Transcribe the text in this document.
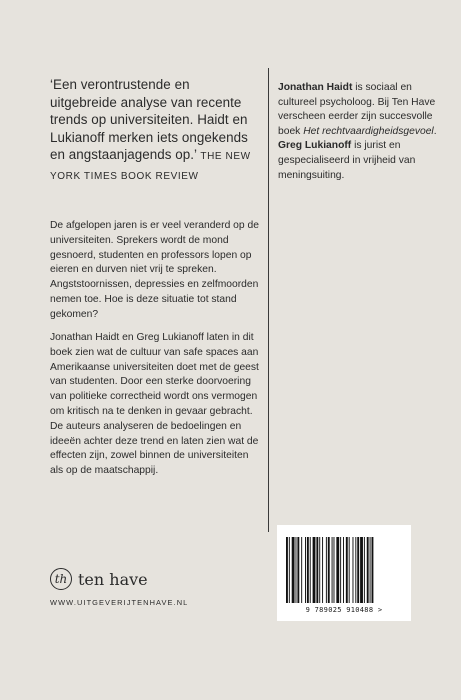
‘Een verontrustende en uitgebreide analyse van recente trends op universiteiten. Haidt en Lukianoff merken iets ongekends en angstaanjagends op.’ THE NEW YORK TIMES BOOK REVIEW
De afgelopen jaren is er veel veranderd op de universiteiten. Sprekers wordt de mond gesnoerd, studenten en professors lopen op eieren en durven niet vrij te spreken. Angststoornissen, depressies en zelfmoorden nemen toe. Hoe is deze situatie tot stand gekomen?
Jonathan Haidt en Greg Lukianoff laten in dit boek zien wat de cultuur van safe spaces aan Amerikaanse universiteiten doet met de geest van studenten. Door een sterke doorvoering van politieke correctheid wordt ons vermogen om kritisch na te denken in gevaar gebracht. De auteurs analyseren de bedoelingen en ideeën achter deze trend en laten zien wat de effecten zijn, zowel binnen de universiteiten als op de maatschappij.
Jonathan Haidt is sociaal en cultureel psycholoog. Bij Ten Have verscheen eerder zijn succesvolle boek Het rechtvaardigheidsgevoel.
Greg Lukianoff is jurist en gespecialiseerd in vrijheid van meningsuiting.
9 789025 910488 >
th ten have
WWW.UITGEVERIJTENHAVE.NL
